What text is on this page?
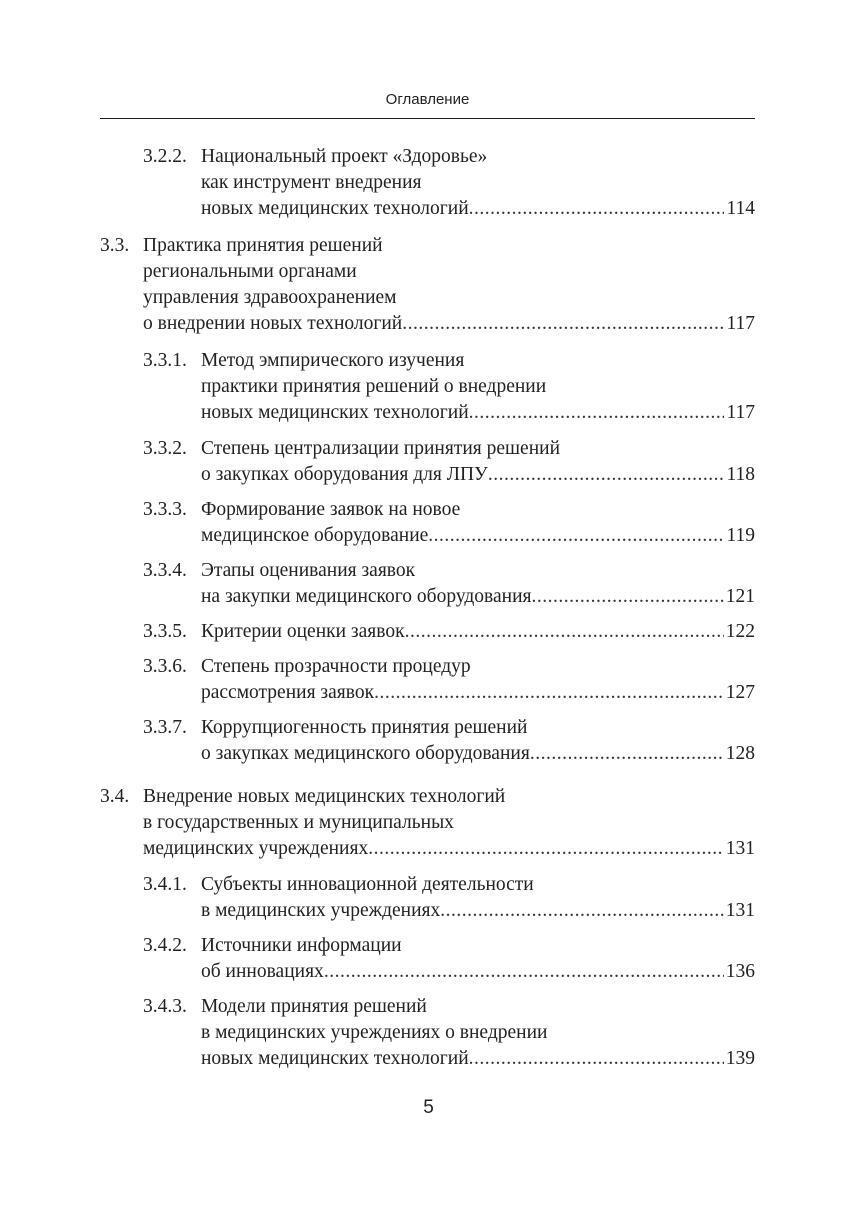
Оглавление
3.2.2. Национальный проект «Здоровье»
как инструмент внедрения
новых медицинских технологий .....	114
3.3. Практика принятия решений
региональными органами
управления здравоохранением
о внедрении новых технологий .....	117
3.3.1. Метод эмпирического изучения
практики принятия решений о внедрении
новых медицинских технологий .....	117
3.3.2. Степень централизации принятия решений
о закупках оборудования для ЛПУ .....	118
3.3.3. Формирование заявок на новое
медицинское оборудование .....	119
3.3.4. Этапы оценивания заявок
на закупки медицинского оборудования .....	121
3.3.5. Критерии оценки заявок .....	122
3.3.6. Степень прозрачности процедур
рассмотрения заявок .....	127
3.3.7. Коррупциогенность принятия решений
о закупках медицинского оборудования .....	128
3.4. Внедрение новых медицинских технологий
в государственных и муниципальных
медицинских учреждениях .....	131
3.4.1. Субъекты инновационной деятельности
в медицинских учреждениях .....	131
3.4.2. Источники информации
об инновациях .....	136
3.4.3. Модели принятия решений
в медицинских учреждениях о внедрении
новых медицинских технологий .....	139
5
